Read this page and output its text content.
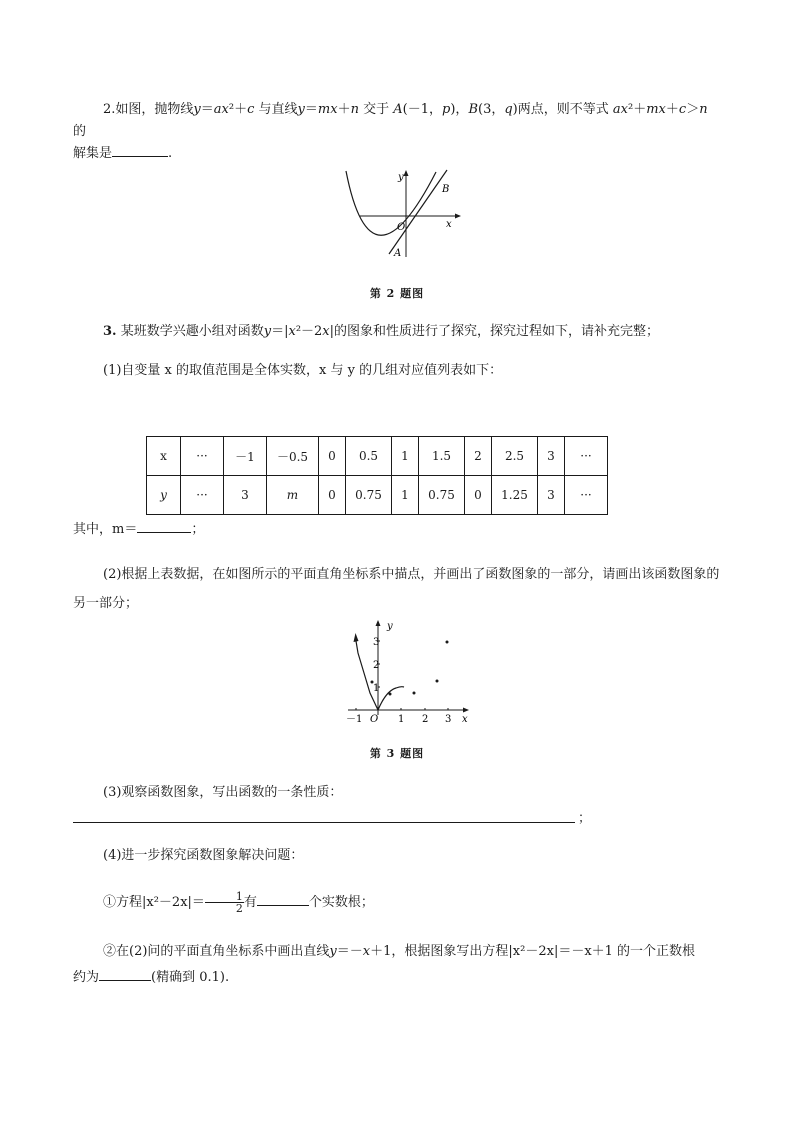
2.如图，抛物线y＝ax²＋c 与直线y＝mx＋n 交于 A(－1，p)，B(3，q)两点，则不等式 ax²＋mx＋c＞n 的
解集是	.
y
x
O
A
B
第 2 题图
3. 某班数学兴趣小组对函数y＝|x²－2x|的图象和性质进行了探究，探究过程如下，请补充完整；
(1)自变量 x 的取值范围是全体实数，x 与 y 的几组对应值列表如下：
x	···	－1	－0.5	0	0.5	1	1.5	2	2.5	3	···
y	···	3	m	0	0.75	1	0.75	0	1.25	3	···
其中，m＝	；
(2)根据上表数据，在如图所示的平面直角坐标系中描点，并画出了函数图象的一部分，请画出该函数图象的另一部分；
y
x
O
－1	1 2 3
1
2
3
第 3 题图
(3)观察函数图象，写出函数的一条性质：
；
(4)进一步探究函数图象解决问题：
①方程$|x^2-2x|= \frac{1}{2}$ 有	个实数根；
②在(2)问的平面直角坐标系中画出直线y＝－x＋1，根据图象写出方程|x²－2x|＝－x＋1 的一个正数根
约为	(精确到 0.1).
